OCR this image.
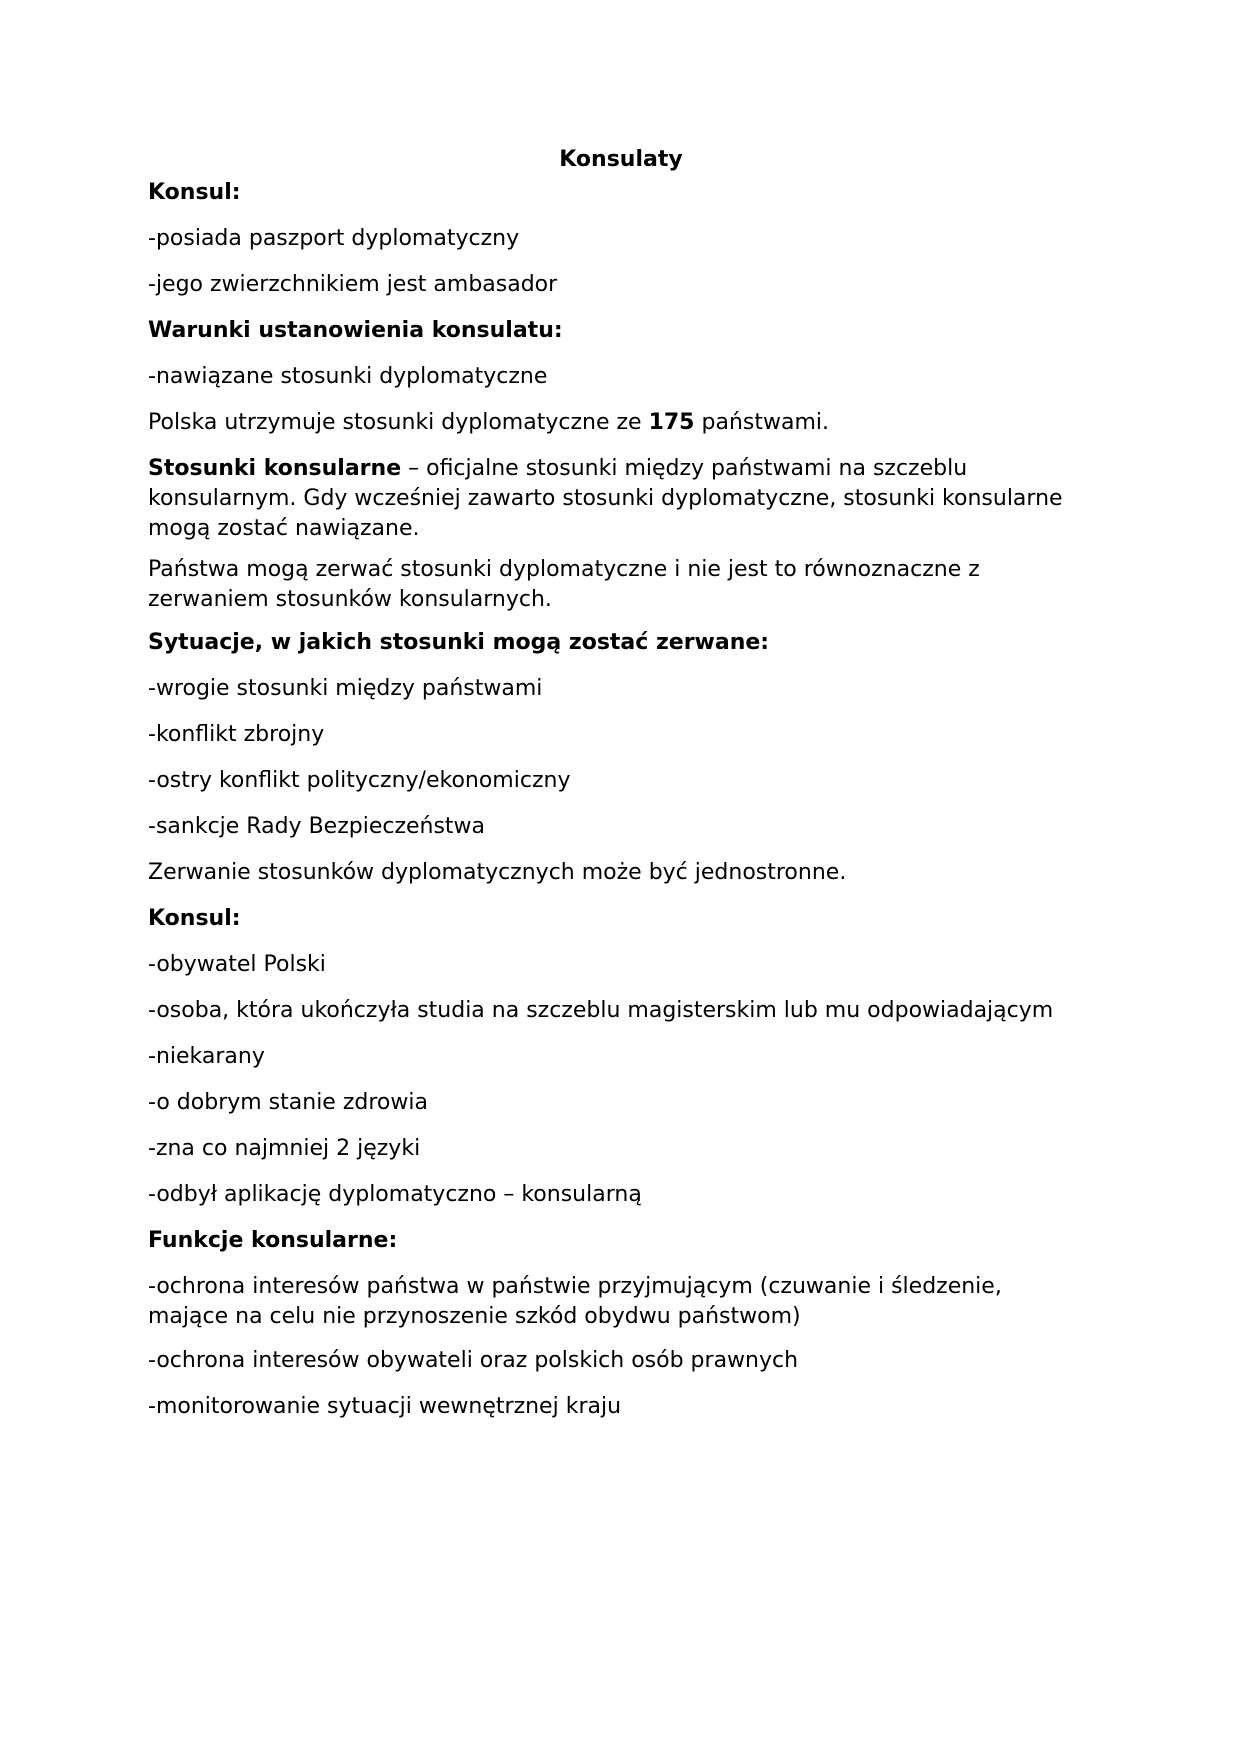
Konsulaty

Konsul:

-posiada paszport dyplomatyczny

-jego zwierzchnikiem jest ambasador

Warunki ustanowienia konsulatu:

-nawiązane stosunki dyplomatyczne

Polska utrzymuje stosunki dyplomatyczne ze 175 państwami.

Stosunki konsularne – oficjalne stosunki między państwami na szczeblu konsularnym. Gdy wcześniej zawarto stosunki dyplomatyczne, stosunki konsularne mogą zostać nawiązane.

Państwa mogą zerwać stosunki dyplomatyczne i nie jest to równoznaczne z zerwaniem stosunków konsularnych.

Sytuacje, w jakich stosunki mogą zostać zerwane:

-wrogie stosunki między państwami

-konflikt zbrojny

-ostry konflikt polityczny/ekonomiczny

-sankcje Rady Bezpieczeństwa

Zerwanie stosunków dyplomatycznych może być jednostronne.

Konsul:

-obywatel Polski

-osoba, która ukończyła studia na szczeblu magisterskim lub mu odpowiadającym

-niekarany

-o dobrym stanie zdrowia

-zna co najmniej 2 języki

-odbył aplikację dyplomatyczno – konsularną

Funkcje konsularne:

-ochrona interesów państwa w państwie przyjmującym (czuwanie i śledzenie, mające na celu nie przynoszenie szkód obydwu państwom)

-ochrona interesów obywateli oraz polskich osób prawnych

-monitorowanie sytuacji wewnętrznej kraju
